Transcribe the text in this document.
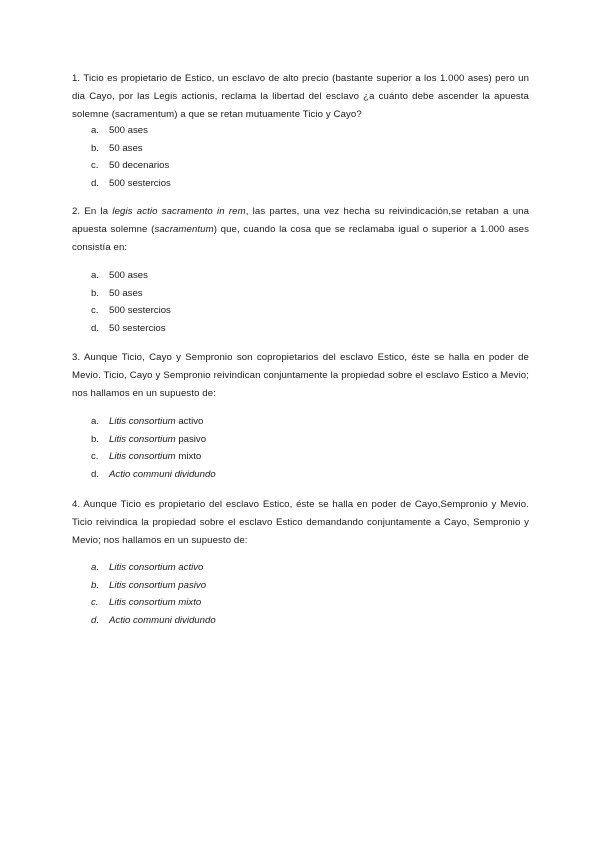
1. Ticio es propietario de Estico, un esclavo de alto precio (bastante superior a los 1.000 ases) pero un dia Cayo, por las Legis actionis, reclama la libertad del esclavo ¿a cuánto debe ascender la apuesta solemne (sacramentum) a que se retan mutuamente Ticio y Cayo?

a. 500 ases
b. 50 ases
c. 50 decenarios
d. 500 sestercios

2. En la legis actio sacramento in rem, las partes, una vez hecha su reivindicación,se retaban a una apuesta solemne (sacramentum) que, cuando la cosa que se reclamaba igual o superior a 1.000 ases consistía en:

a. 500 ases
b. 50 ases
c. 500 sestercios
d. 50 sestercios

3. Aunque Ticio, Cayo y Sempronio son copropietarios del esclavo Estico, éste se halla en poder de Mevio. Ticio, Cayo y Sempronio reivindican conjuntamente la propiedad sobre el esclavo Estico a Mevio; nos hallamos en un supuesto de:

a. Litis consortium activo
b. Litis consortium pasivo
c. Litis consortium mixto
d. Actio communi dividundo

4. Aunque Ticio es propietario del esclavo Estico, éste se halla en poder de Cayo,Sempronio y Mevio. Ticio reivindica la propiedad sobre el esclavo Estico demandando conjuntamente a Cayo, Sempronio y Mevio; nos hallamos en un supuesto de:

a. Litis consortium activo
b. Litis consortium pasivo
c. Litis consortium mixto
d. Actio communi dividundo
